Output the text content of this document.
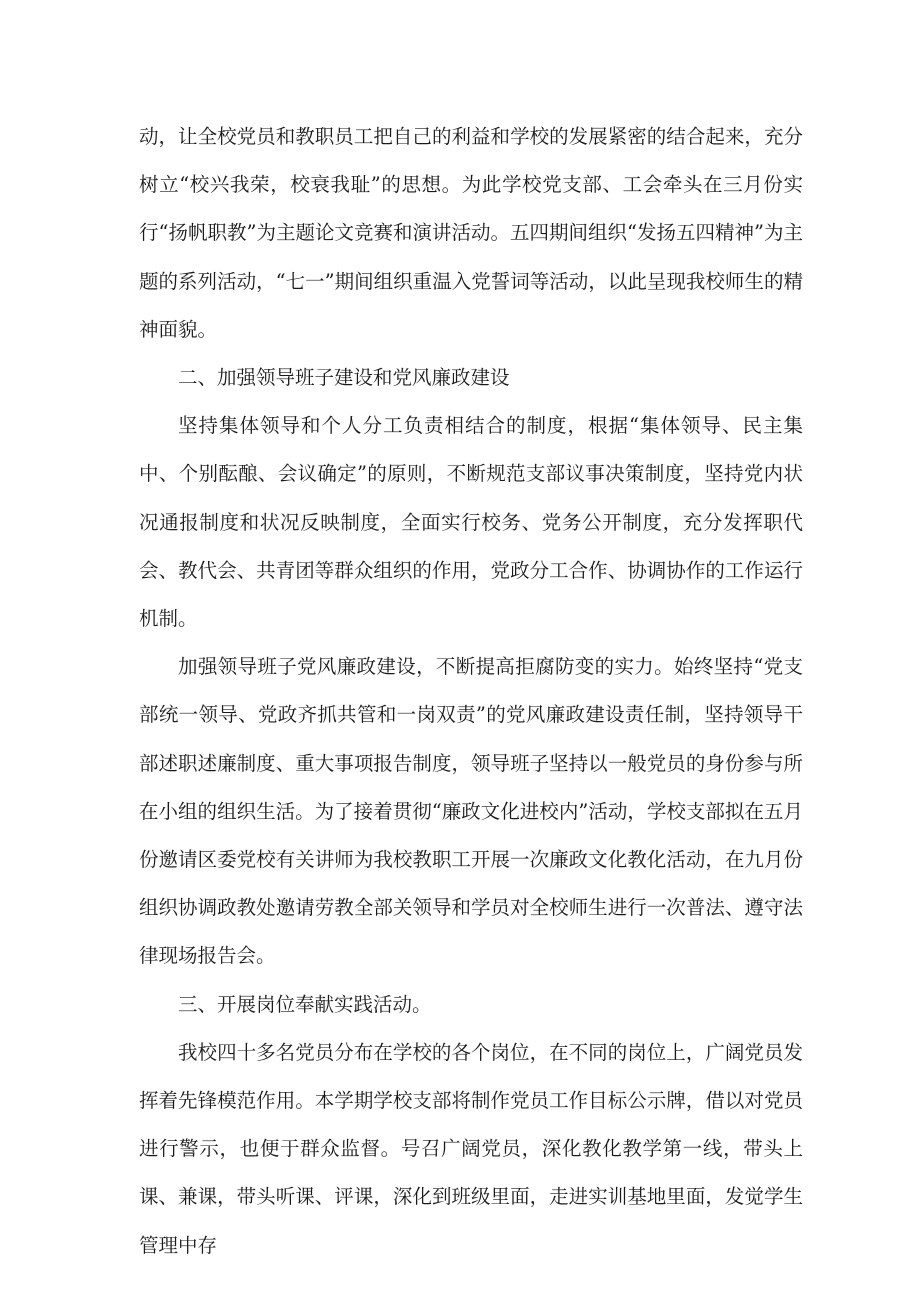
动，让全校党员和教职员工把自己的利益和学校的发展紧密的结合起来，充分树立“校兴我荣，校衰我耻”的思想。为此学校党支部、工会牵头在三月份实行“扬帆职教”为主题论文竞赛和演讲活动。五四期间组织“发扬五四精神”为主题的系列活动，“七一”期间组织重温入党誓词等活动，以此呈现我校师生的精神面貌。

二、加强领导班子建设和党风廉政建设

坚持集体领导和个人分工负责相结合的制度，根据“集体领导、民主集中、个别酝酿、会议确定”的原则，不断规范支部议事决策制度，坚持党内状况通报制度和状况反映制度，全面实行校务、党务公开制度，充分发挥职代会、教代会、共青团等群众组织的作用，党政分工合作、协调协作的工作运行机制。

加强领导班子党风廉政建设，不断提高拒腐防变的实力。始终坚持“党支部统一领导、党政齐抓共管和一岗双责”的党风廉政建设责任制，坚持领导干部述职述廉制度、重大事项报告制度，领导班子坚持以一般党员的身份参与所在小组的组织生活。为了接着贯彻“廉政文化进校内”活动，学校支部拟在五月份邀请区委党校有关讲师为我校教职工开展一次廉政文化教化活动，在九月份组织协调政教处邀请劳教全部关领导和学员对全校师生进行一次普法、遵守法律现场报告会。

三、开展岗位奉献实践活动。

我校四十多名党员分布在学校的各个岗位，在不同的岗位上，广阔党员发挥着先锋模范作用。本学期学校支部将制作党员工作目标公示牌，借以对党员进行警示，也便于群众监督。号召广阔党员，深化教化教学第一线，带头上课、兼课，带头听课、评课，深化到班级里面，走进实训基地里面，发觉学生管理中存
